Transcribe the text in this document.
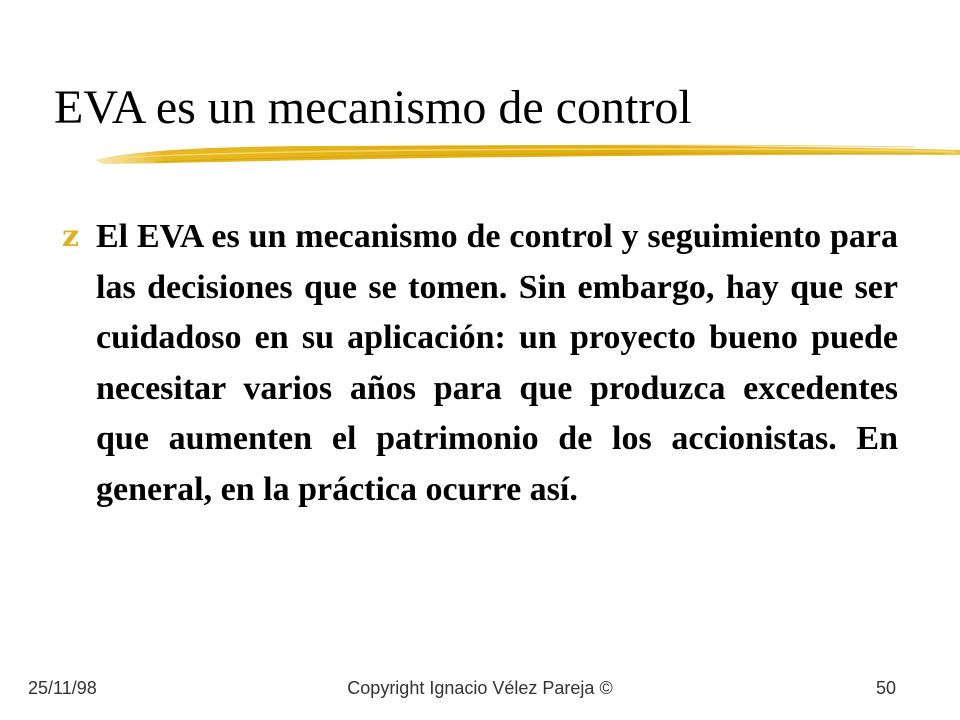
EVA es un mecanismo de control
z El EVA es un mecanismo de control y seguimiento para las decisiones que se tomen. Sin embargo, hay que ser cuidadoso en su aplicación: un proyecto bueno puede necesitar varios años para que produzca excedentes que aumenten el patrimonio de los accionistas. En general, en la práctica ocurre así.

Copyright Ignacio Vélez Pareja ©
25/11/98	50
